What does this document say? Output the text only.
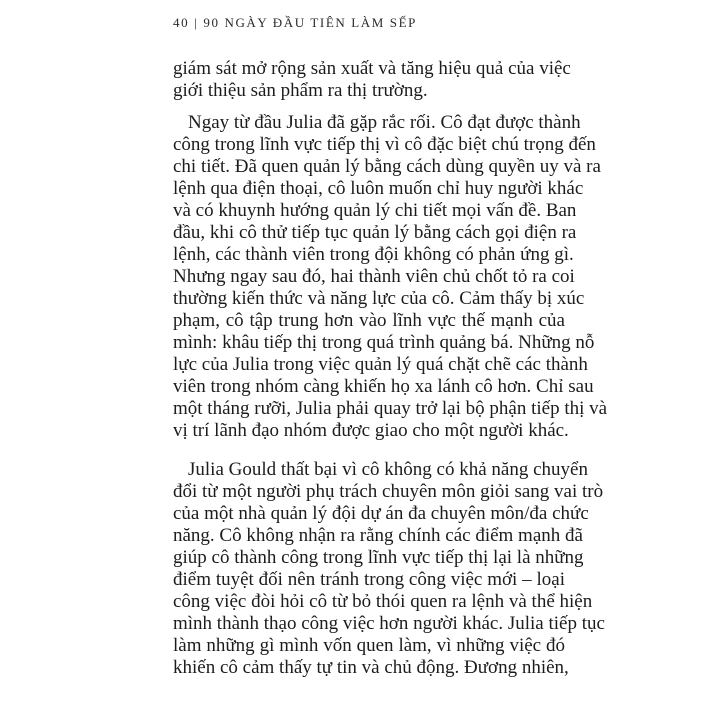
40 | 90 NGÀY ĐẦU TIÊN LÀM SẾP
giám sát mở rộng sản xuất và tăng hiệu quả của việc
giới thiệu sản phẩm ra thị trường.
Ngay từ đầu Julia đã gặp rắc rối. Cô đạt được thành
công trong lĩnh vực tiếp thị vì cô đặc biệt chú trọng đến
chi tiết. Đã quen quản lý bằng cách dùng quyền uy và ra
lệnh qua điện thoại, cô luôn muốn chỉ huy người khác
và có khuynh hướng quản lý chi tiết mọi vấn đề. Ban
đầu, khi cô thử tiếp tục quản lý bằng cách gọi điện ra
lệnh, các thành viên trong đội không có phản ứng gì.
Nhưng ngay sau đó, hai thành viên chủ chốt tỏ ra coi
thường kiến thức và năng lực của cô. Cảm thấy bị xúc
phạm, cô tập trung hơn vào lĩnh vực thế mạnh của
mình: khâu tiếp thị trong quá trình quảng bá. Những nỗ
lực của Julia trong việc quản lý quá chặt chẽ các thành
viên trong nhóm càng khiến họ xa lánh cô hơn. Chỉ sau
một tháng rưỡi, Julia phải quay trở lại bộ phận tiếp thị và
vị trí lãnh đạo nhóm được giao cho một người khác.
Julia Gould thất bại vì cô không có khả năng chuyển
đổi từ một người phụ trách chuyên môn giỏi sang vai trò
của một nhà quản lý đội dự án đa chuyên môn/đa chức
năng. Cô không nhận ra rằng chính các điểm mạnh đã
giúp cô thành công trong lĩnh vực tiếp thị lại là những
điểm tuyệt đối nên tránh trong công việc mới – loại
công việc đòi hỏi cô từ bỏ thói quen ra lệnh và thể hiện
mình thành thạo công việc hơn người khác. Julia tiếp tục
làm những gì mình vốn quen làm, vì những việc đó
khiến cô cảm thấy tự tin và chủ động. Đương nhiên,
